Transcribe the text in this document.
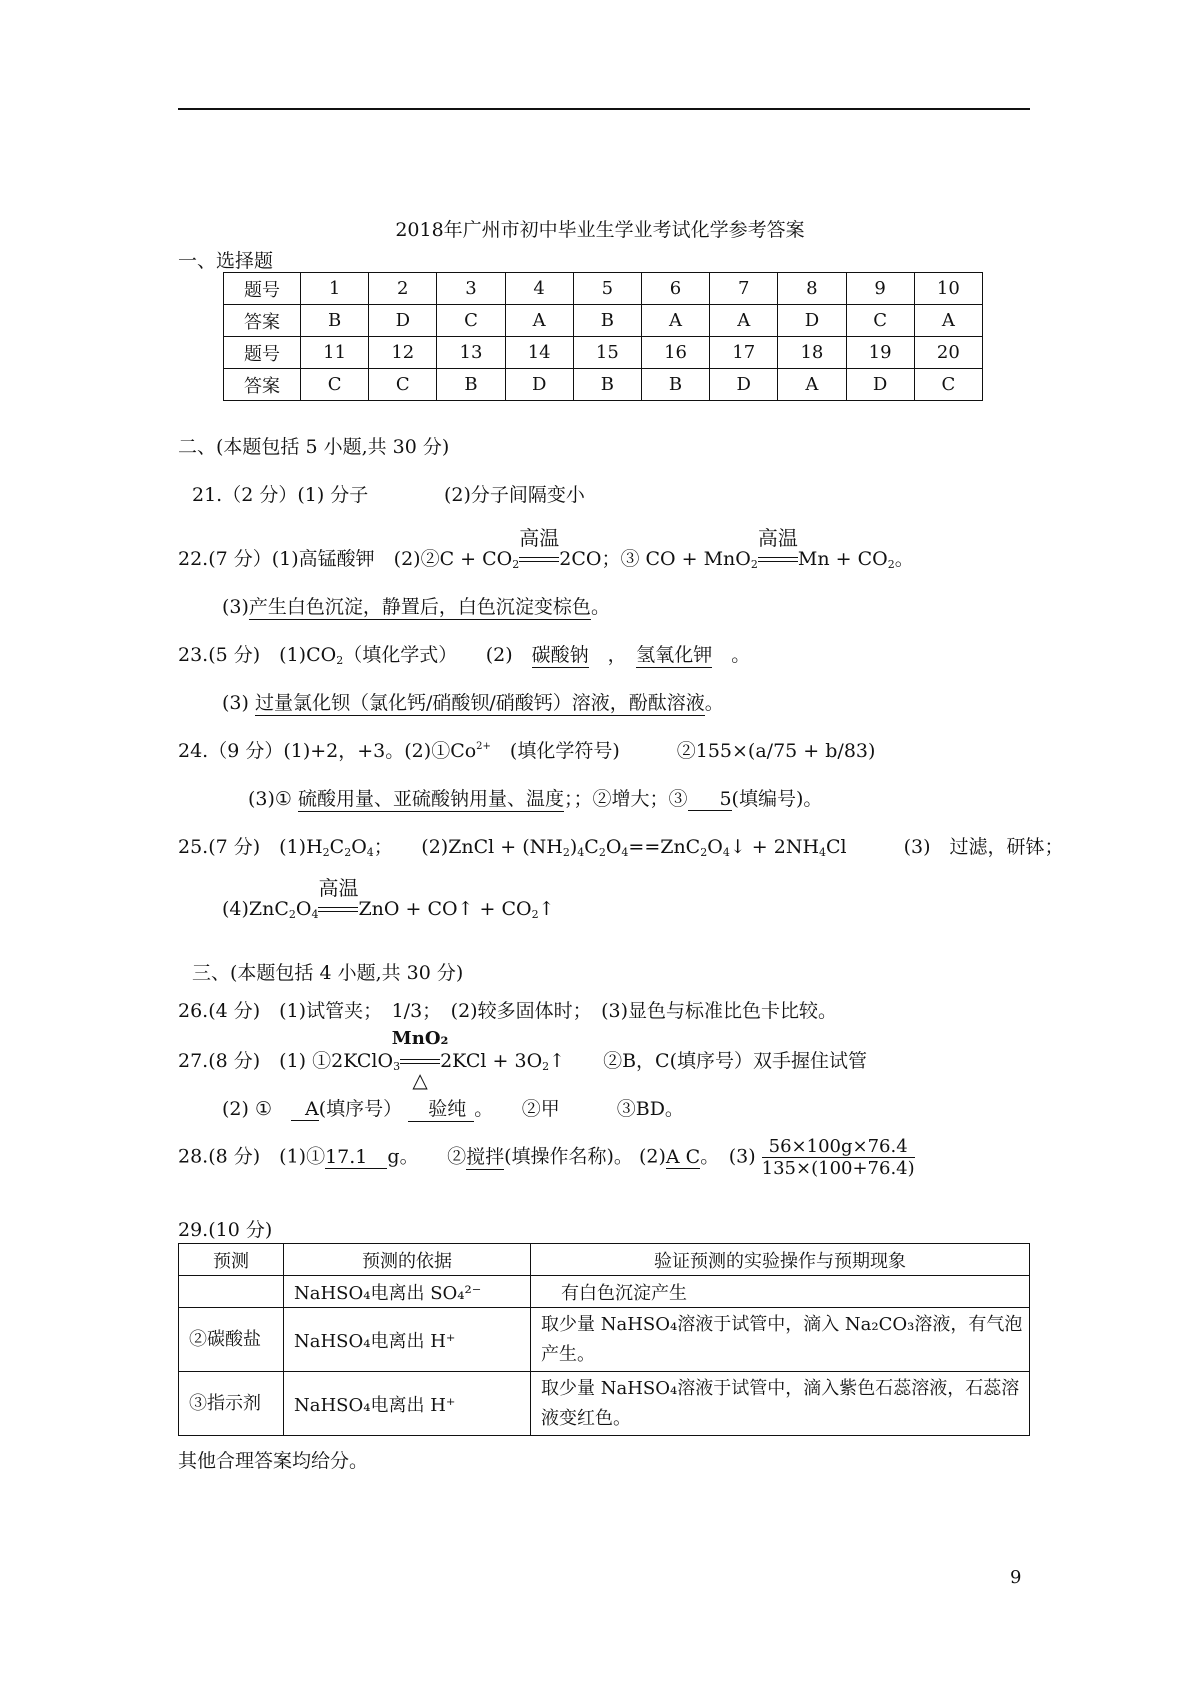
2018年广州市初中毕业生学业考试化学参考答案
一、选择题
题号	1	2	3	4	5	6	7	8	9	10
答案	B	D	C	A	B	A	A	D	C	A
题号	11	12	13	14	15	16	17	18	19	20
答案	C	C	B	D	B	B	D	A	D	C
二、(本题包括 5 小题,共 30 分)
21.（2 分）(1) 分子	(2)分子间隔变小
22.(7 分）(1)高锰酸钾　(2)②C + $CO_2$
高温
2CO；③ CO + MnO$_2$
高温
$Mn + CO_2$。
(3)产生白色沉淀，静置后，白色沉淀变棕色。
23.(5 分)　$(1)CO_2$（填化学式）　　(2)　 碳酸钠　 ，　 氢氧化钾　 。
(3) 过量氯化钡（氯化钙/硝酸钡/硝酸钙）溶液，酚酞溶液。
24.（9 分）(1)+2，+3。$(2)①Co^{2+}$　(填化学符号)　　　②155×(a/75 + b/83)
(3)① 硫酸用量、亚硫酸钠用量、温度；；②增大；③ 5(填编号)。
25.(7 分)　$(1)H_2C_2O_4$；　　(2)ZnCl + $(NH_2)_4C_2O_4==ZnC_2O_4↓ + 2NH_4Cl$　　　(3)　过滤，研钵；
$(4)ZnC_2O_4$
高温
ZnO + CO↑ + $CO_2↑$
三、(本题包括 4 小题,共 30 分)
26.(4 分)　(1)试管夹；　1/3；　(2)较多固体时；　(3)显色与标准比色卡比较。
27.(8 分)　(1) ①2KClO$_3$
MnO₂
△
$2KCl + 3O_2↑$　　②B，C(填序号）双手握住试管
(2) ①　 A(填序号） 验纯 。　　②甲　　　③BD。
28.(8 分)　(1)①17.1 g。　　②搅拌(填操作名称)。 (2)A C。　$(3) \frac{56\times 100g\times 76.4}{135\times(100+76.4)}$
29.(10 分)
预测	预测的依据	验证预测的实验操作与预期现象
	NaHSO₄电离出 SO₄²⁻	有白色沉淀产生
②碳酸盐	NaHSO₄电离出 H⁺	取少量 NaHSO₄溶液于试管中，滴入 Na₂CO₃溶液，有气泡产生。
③指示剂	NaHSO₄电离出 H⁺	取少量 NaHSO₄溶液于试管中，滴入紫色石蕊溶液，石蕊溶液变红色。
其他合理答案均给分。
9
